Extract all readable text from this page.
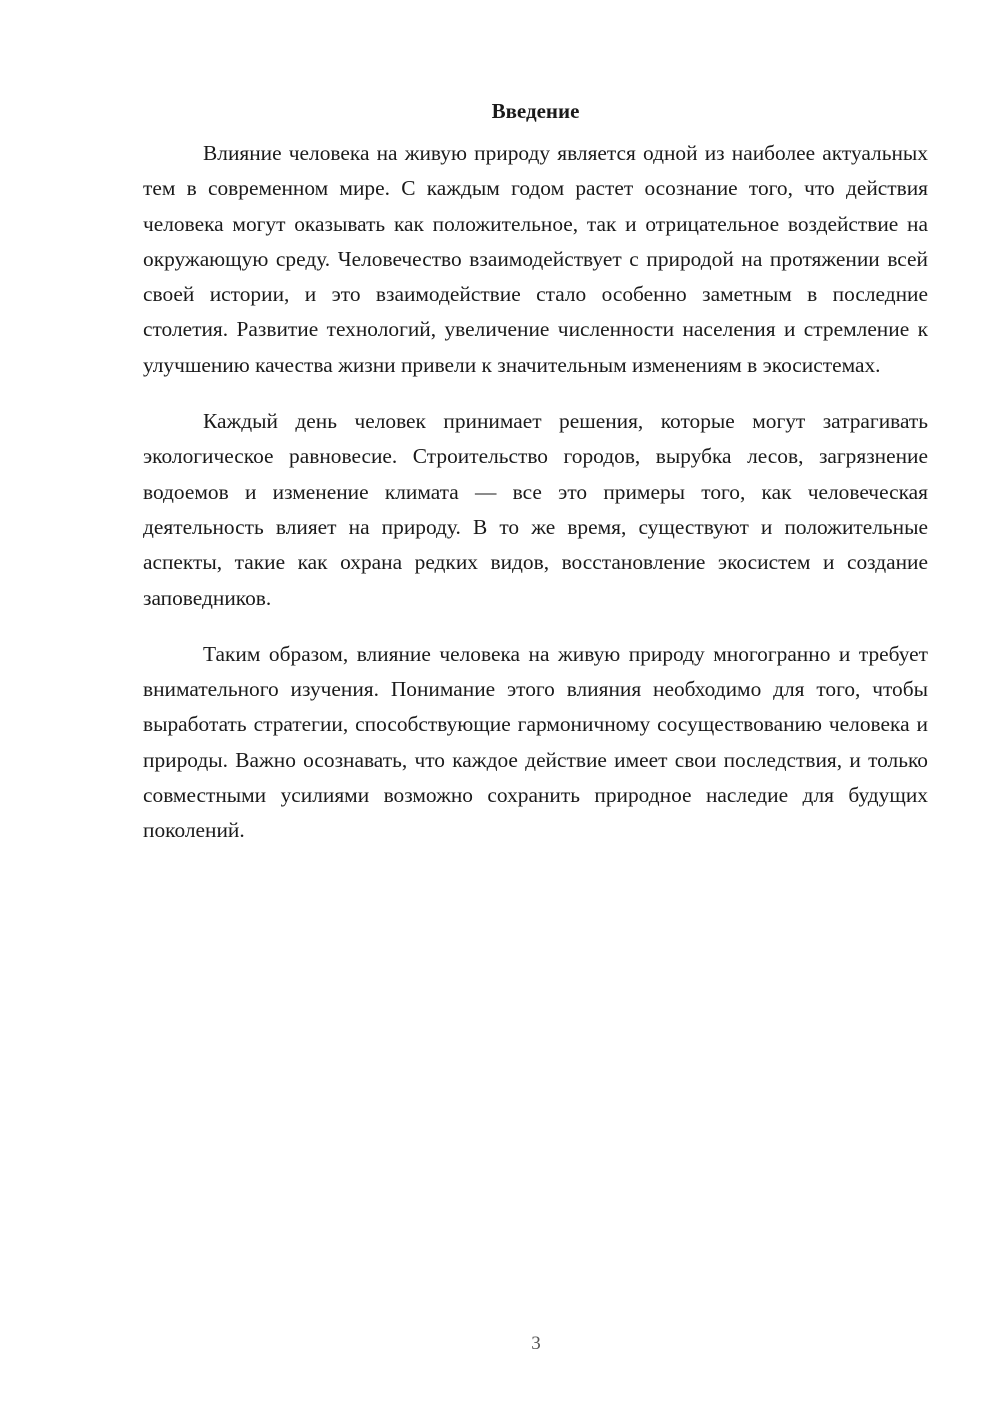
Введение

Влияние человека на живую природу является одной из наиболее актуальных тем в современном мире. С каждым годом растет осознание того, что действия человека могут оказывать как положительное, так и отрицательное воздействие на окружающую среду. Человечество взаимодействует с природой на протяжении всей своей истории, и это взаимодействие стало особенно заметным в последние столетия. Развитие технологий, увеличение численности населения и стремление к улучшению качества жизни привели к значительным изменениям в экосистемах.

Каждый день человек принимает решения, которые могут затрагивать экологическое равновесие. Строительство городов, вырубка лесов, загрязнение водоемов и изменение климата — все это примеры того, как человеческая деятельность влияет на природу. В то же время, существуют и положительные аспекты, такие как охрана редких видов, восстановление экосистем и создание заповедников.

Таким образом, влияние человека на живую природу многогранно и требует внимательного изучения. Понимание этого влияния необходимо для того, чтобы выработать стратегии, способствующие гармоничному сосуществованию человека и природы. Важно осознавать, что каждое действие имеет свои последствия, и только совместными усилиями возможно сохранить природное наследие для будущих поколений.

3
